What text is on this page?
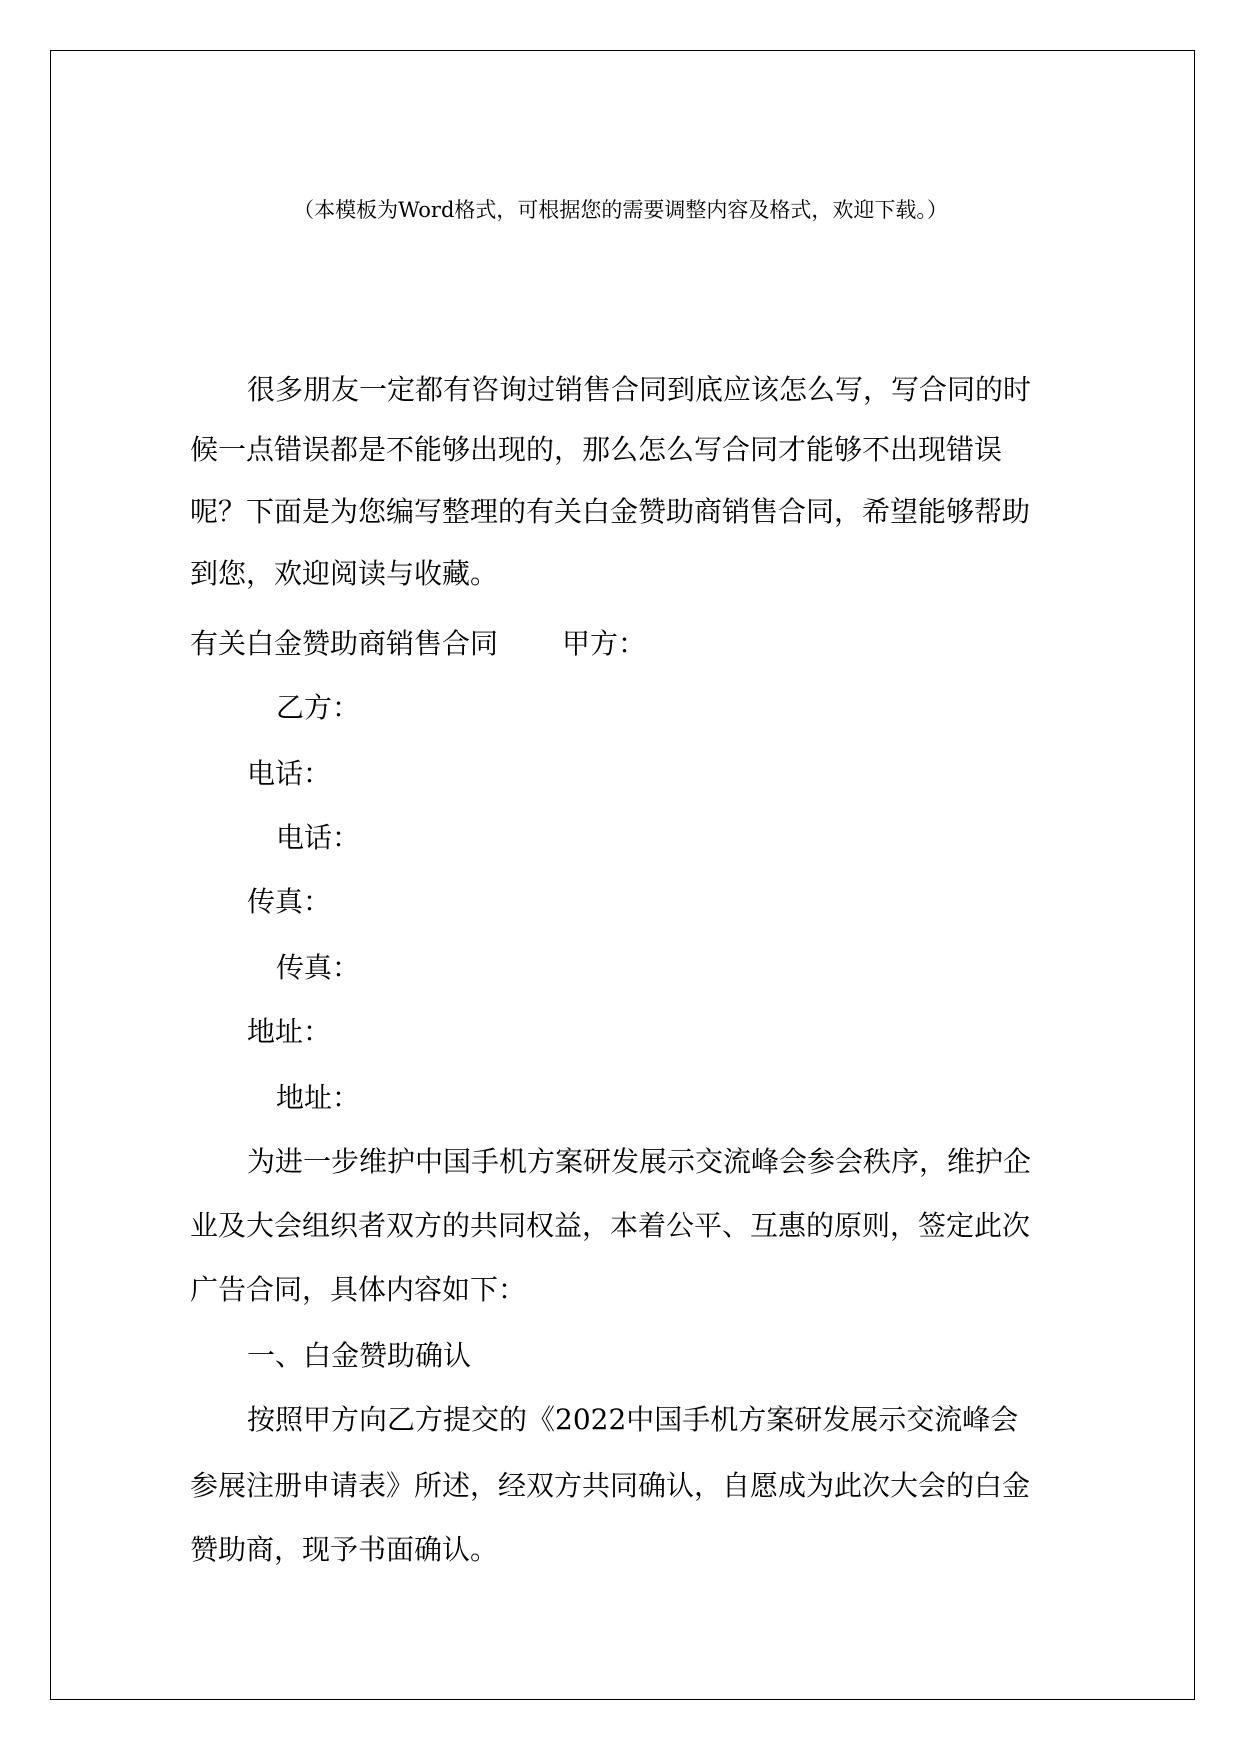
（本模板为Word格式，可根据您的需要调整内容及格式，欢迎下载。）
很多朋友一定都有咨询过销售合同到底应该怎么写，写合同的时
候一点错误都是不能够出现的，那么怎么写合同才能够不出现错误
呢？下面是为您编写整理的有关白金赞助商销售合同，希望能够帮助
到您，欢迎阅读与收藏。
有关白金赞助商销售合同 甲方：
乙方：
电话：
电话：
传真：
传真：
地址：
地址：
为进一步维护中国手机方案研发展示交流峰会参会秩序，维护企
业及大会组织者双方的共同权益，本着公平、互惠的原则，签定此次
广告合同，具体内容如下：
一、白金赞助确认
按照甲方向乙方提交的《2022中国手机方案研发展示交流峰会
参展注册申请表》所述，经双方共同确认，自愿成为此次大会的白金
赞助商，现予书面确认。
